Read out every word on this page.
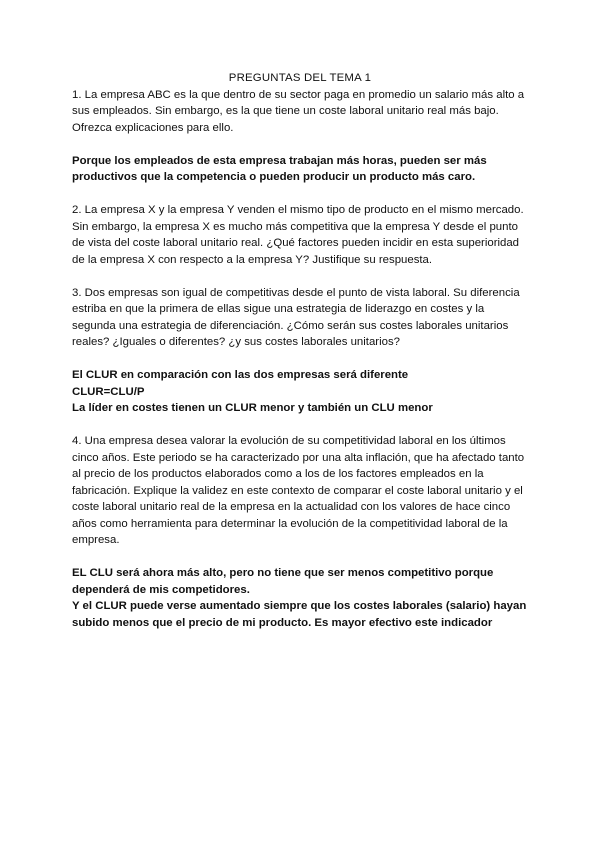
PREGUNTAS DEL TEMA 1

1. La empresa ABC es la que dentro de su sector paga en promedio un salario más alto a sus empleados. Sin embargo, es la que tiene un coste laboral unitario real más bajo. Ofrezca explicaciones para ello.

Porque los empleados de esta empresa trabajan más horas, pueden ser más productivos que la competencia o pueden producir un producto más caro.

2. La empresa X y la empresa Y venden el mismo tipo de producto en el mismo mercado. Sin embargo, la empresa X es mucho más competitiva que la empresa Y desde el punto de vista del coste laboral unitario real. ¿Qué factores pueden incidir en esta superioridad de la empresa X con respecto a la empresa Y? Justifique su respuesta.

3. Dos empresas son igual de competitivas desde el punto de vista laboral. Su diferencia estriba en que la primera de ellas sigue una estrategia de liderazgo en costes y la segunda una estrategia de diferenciación. ¿Cómo serán sus costes laborales unitarios reales? ¿Iguales o diferentes? ¿y sus costes laborales unitarios?

El CLUR en comparación con las dos empresas será diferente

CLUR=CLU/P

La líder en costes tienen un CLUR menor y también un CLU menor

4. Una empresa desea valorar la evolución de su competitividad laboral en los últimos cinco años. Este periodo se ha caracterizado por una alta inflación, que ha afectado tanto al precio de los productos elaborados como a los de los factores empleados en la fabricación. Explique la validez en este contexto de comparar el coste laboral unitario y el coste laboral unitario real de la empresa en la actualidad con los valores de hace cinco años como herramienta para determinar la evolución de la competitividad laboral de la empresa.

EL CLU será ahora más alto, pero no tiene que ser menos competitivo porque dependerá de mis competidores.

Y el CLUR puede verse aumentado siempre que los costes laborales (salario) hayan subido menos que el precio de mi producto. Es mayor efectivo este indicador
